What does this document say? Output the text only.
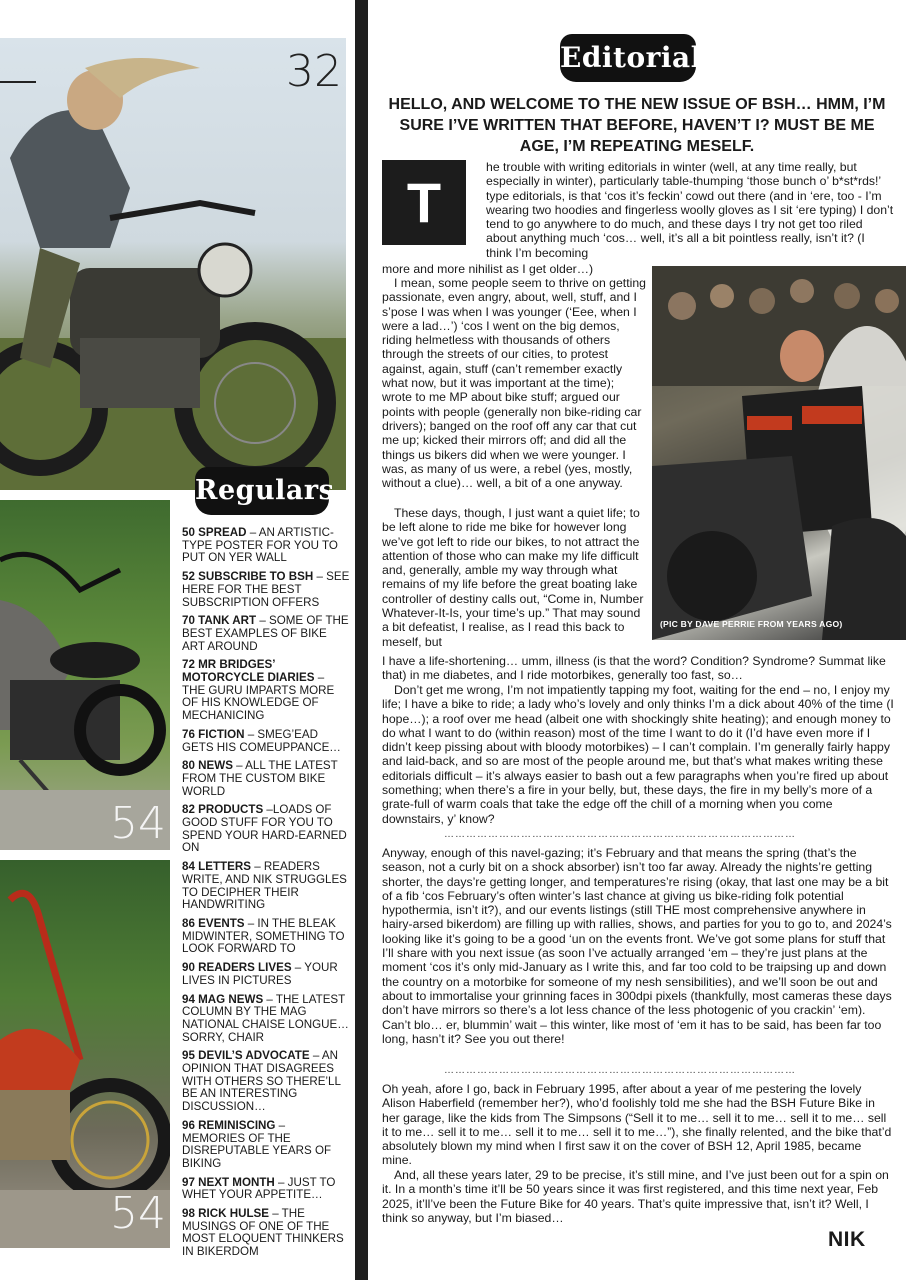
32
54
54
Regulars
50 SPREAD – AN ARTISTIC-TYPE POSTER FOR YOU TO PUT ON YER WALL
52 SUBSCRIBE TO BSH – SEE HERE FOR THE BEST SUBSCRIPTION OFFERS
70 TANK ART – SOME OF THE BEST EXAMPLES OF BIKE ART AROUND
72 MR BRIDGES’ MOTORCYCLE DIARIES – THE GURU IMPARTS MORE OF HIS KNOWLEDGE OF MECHANICING
76 FICTION – SMEG’EAD GETS HIS COMEUPPANCE…
80 NEWS – ALL THE LATEST FROM THE CUSTOM BIKE WORLD
82 PRODUCTS –LOADS OF GOOD STUFF FOR YOU TO SPEND YOUR HARD-EARNED ON
84 LETTERS – READERS WRITE, AND NIK STRUGGLES TO DECIPHER THEIR HANDWRITING
86 EVENTS – IN THE BLEAK MIDWINTER, SOMETHING TO LOOK FORWARD TO
90 READERS LIVES – YOUR LIVES IN PICTURES
94 MAG NEWS – THE LATEST COLUMN BY THE MAG NATIONAL CHAISE LONGUE… SORRY, CHAIR
95 DEVIL’S ADVOCATE – AN OPINION THAT DISAGREES WITH OTHERS SO THERE’LL BE AN INTERESTING DISCUSSION…
96 REMINISCING – MEMORIES OF THE DISREPUTABLE YEARS OF BIKING
97 NEXT MONTH – JUST TO WHET YOUR APPETITE…
98 RICK HULSE – THE MUSINGS OF ONE OF THE MOST ELOQUENT THINKERS IN BIKERDOM
Editorial
HELLO, AND WELCOME TO THE NEW ISSUE OF BSH… HMM, I’M SURE I’VE WRITTEN THAT BEFORE, HAVEN’T I? MUST BE ME AGE, I’M REPEATING MESELF.
T
he trouble with writing editorials in winter (well, at any time really, but especially in winter), particularly table-thumping ‘those bunch o’ b*st*rds!’ type editorials, is that ‘cos it’s feckin’ cowd out there (and in ‘ere, too - I’m wearing two hoodies and fingerless woolly gloves as I sit ‘ere typing) I don’t tend to go anywhere to do much, and these days I try not get too riled about anything much ‘cos… well, it’s all a bit pointless really, isn’t it? (I think I’m becoming
more and more nihilist as I get older…)
I mean, some people seem to thrive on getting passionate, even angry, about, well, stuff, and I s’pose I was when I was younger (‘Eee, when I were a lad…’) ‘cos I went on the big demos, riding helmetless with thousands of others through the streets of our cities, to protest against, again, stuff (can’t remember exactly what now, but it was important at the time); wrote to me MP about bike stuff; argued our points with people (generally non bike-riding car drivers); banged on the roof off any car that cut me up; kicked their mirrors off; and did all the things us bikers did when we were younger. I was, as many of us were, a rebel (yes, mostly, without a clue)… well, a bit of a one anyway.
These days, though, I just want a quiet life; to be left alone to ride me bike for however long we’ve got left to ride our bikes, to not attract the attention of those who can make my life difficult and, generally, amble my way through what remains of my life before the great boating lake controller of destiny calls out, “Come in, Number Whatever-It-Is, your time’s up.” That may sound a bit defeatist, I realise, as I read this back to meself, but
I have a life-shortening… umm, illness (is that the word? Condition? Syndrome? Summat like that) in me diabetes, and I ride motorbikes, generally too fast, so…
Don’t get me wrong, I’m not impatiently tapping my foot, waiting for the end – no, I enjoy my life; I have a bike to ride; a lady who’s lovely and only thinks I’m a dick about 40% of the time (I hope…); a roof over me head (albeit one with shockingly shite heating); and enough money to do what I want to do (within reason) most of the time I want to do it (I’d have even more if I didn’t keep pissing about with bloody motorbikes) – I can’t complain. I’m generally fairly happy and laid-back, and so are most of the people around me, but that’s what makes writing these editorials difficult – it’s always easier to bash out a few paragraphs when you’re fired up about something; when there’s a fire in your belly, but, these days, the fire in my belly’s more of a grate-full of warm coals that take the edge off the chill of a morning when you come downstairs, y’ know?
……………………………………………………………………………………
Anyway, enough of this navel-gazing; it’s February and that means the spring (that’s the season, not a curly bit on a shock absorber) isn’t too far away. Already the nights’re getting shorter, the days’re getting longer, and temperatures’re rising (okay, that last one may be a bit of a fib ‘cos February’s often winter’s last chance at giving us bike-riding folk potential hypothermia, isn’t it?), and our events listings (still THE most comprehensive anywhere in hairy-arsed bikerdom) are filling up with rallies, shows, and parties for you to go to, and 2024’s looking like it’s going to be a good ‘un on the events front. We’ve got some plans for stuff that I’ll share with you next issue (as soon I’ve actually arranged ‘em – they’re just plans at the moment ‘cos it’s only mid-January as I write this, and far too cold to be traipsing up and down the country on a motorbike for someone of my nesh sensibilities), and we’ll soon be out and about to immortalise your grinning faces in 300dpi pixels (thankfully, most cameras these days don’t have mirrors so there’s a lot less chance of the less photogenic of you crackin’ ‘em). Can’t blo… er, blummin’ wait – this winter, like most of ‘em it has to be said, has been far too long, hasn’t it? See you out there!
……………………………………………………………………………………
Oh yeah, afore I go, back in February 1995, after about a year of me pestering the lovely Alison Haberfield (remember her?), who’d foolishly told me she had the BSH Future Bike in her garage, like the kids from The Simpsons (“Sell it to me… sell it to me… sell it to me… sell it to me… sell it to me… sell it to me… sell it to me…”), she finally relented, and the bike that’d absolutely blown my mind when I first saw it on the cover of BSH 12, April 1985, became mine.
And, all these years later, 29 to be precise, it’s still mine, and I’ve just been out for a spin on it. In a month’s time it’ll be 50 years since it was first registered, and this time next year, Feb 2025, it’ll’ve been the Future Bike for 40 years. That’s quite impressive that, isn’t it? Well, I think so anyway, but I’m biased…
NIK
(PIC BY DAVE PERRIE FROM YEARS AGO)
